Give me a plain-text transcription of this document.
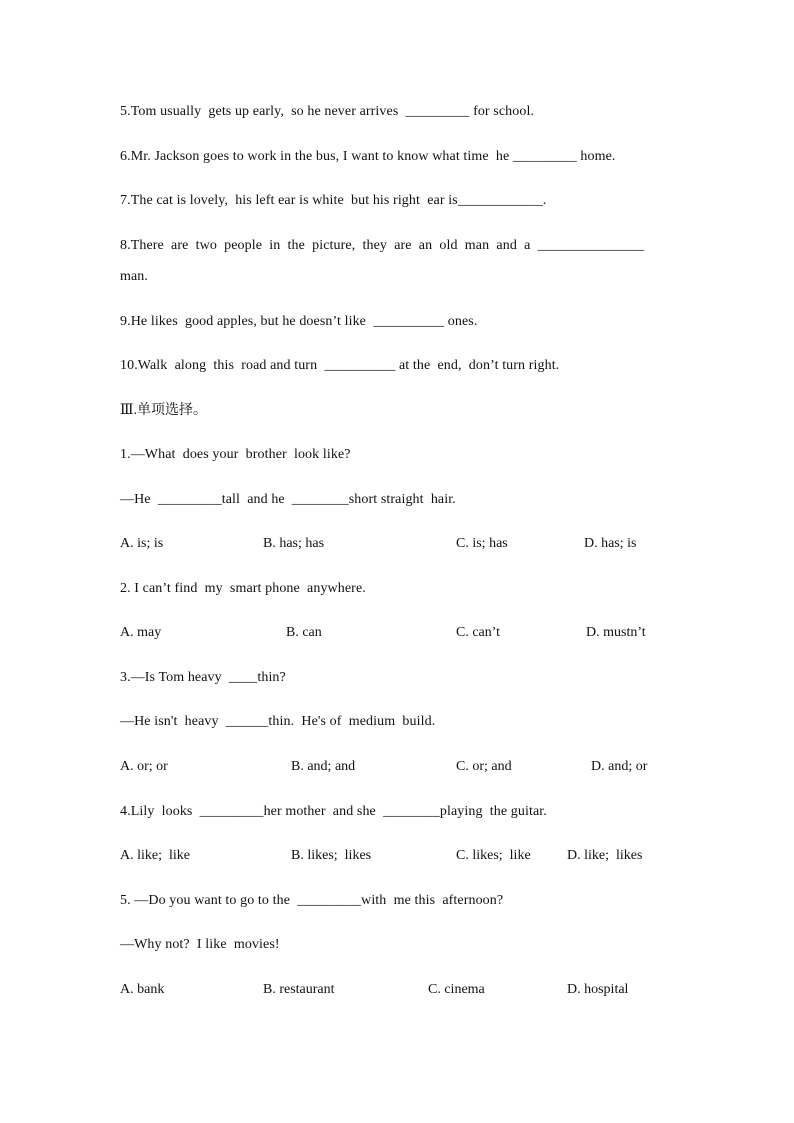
5.Tom usually  gets up early,  so he never arrives  _________ for school.
6.Mr. Jackson goes to work in the bus, I want to know what time  he _________ home.
7.The cat is lovely,  his left ear is white  but his right  ear is____________.
8.There  are  two  people  in  the  picture,  they  are  an  old  man  and  a  _______________
man.
9.He likes  good apples, but he doesn’t like  __________ ones.
10.Walk  along  this  road and turn  __________ at the  end,  don’t turn right.
Ⅲ.单项选择。
1.—What  does your  brother  look like?
—He  _________tall  and he  ________short straight  hair.
A. is; is	B. has; has	C. is; has	D. has; is
2. I can’t find  my  smart phone  anywhere.
A. may	B. can	C. can’t	D. mustn’t
3.—Is Tom heavy  ____thin?
—He isn't  heavy  ______thin.  He's of  medium  build.
A. or; or	B. and; and	C. or; and	D. and; or
4.Lily  looks  _________her mother  and she  ________playing  the guitar.
A. like;  like	B. likes;  likes	C. likes;  like	D. like;  likes
5. —Do you want to go to the  _________with  me this  afternoon?
—Why not?  I like  movies!
A. bank	B. restaurant	C. cinema	D. hospital
